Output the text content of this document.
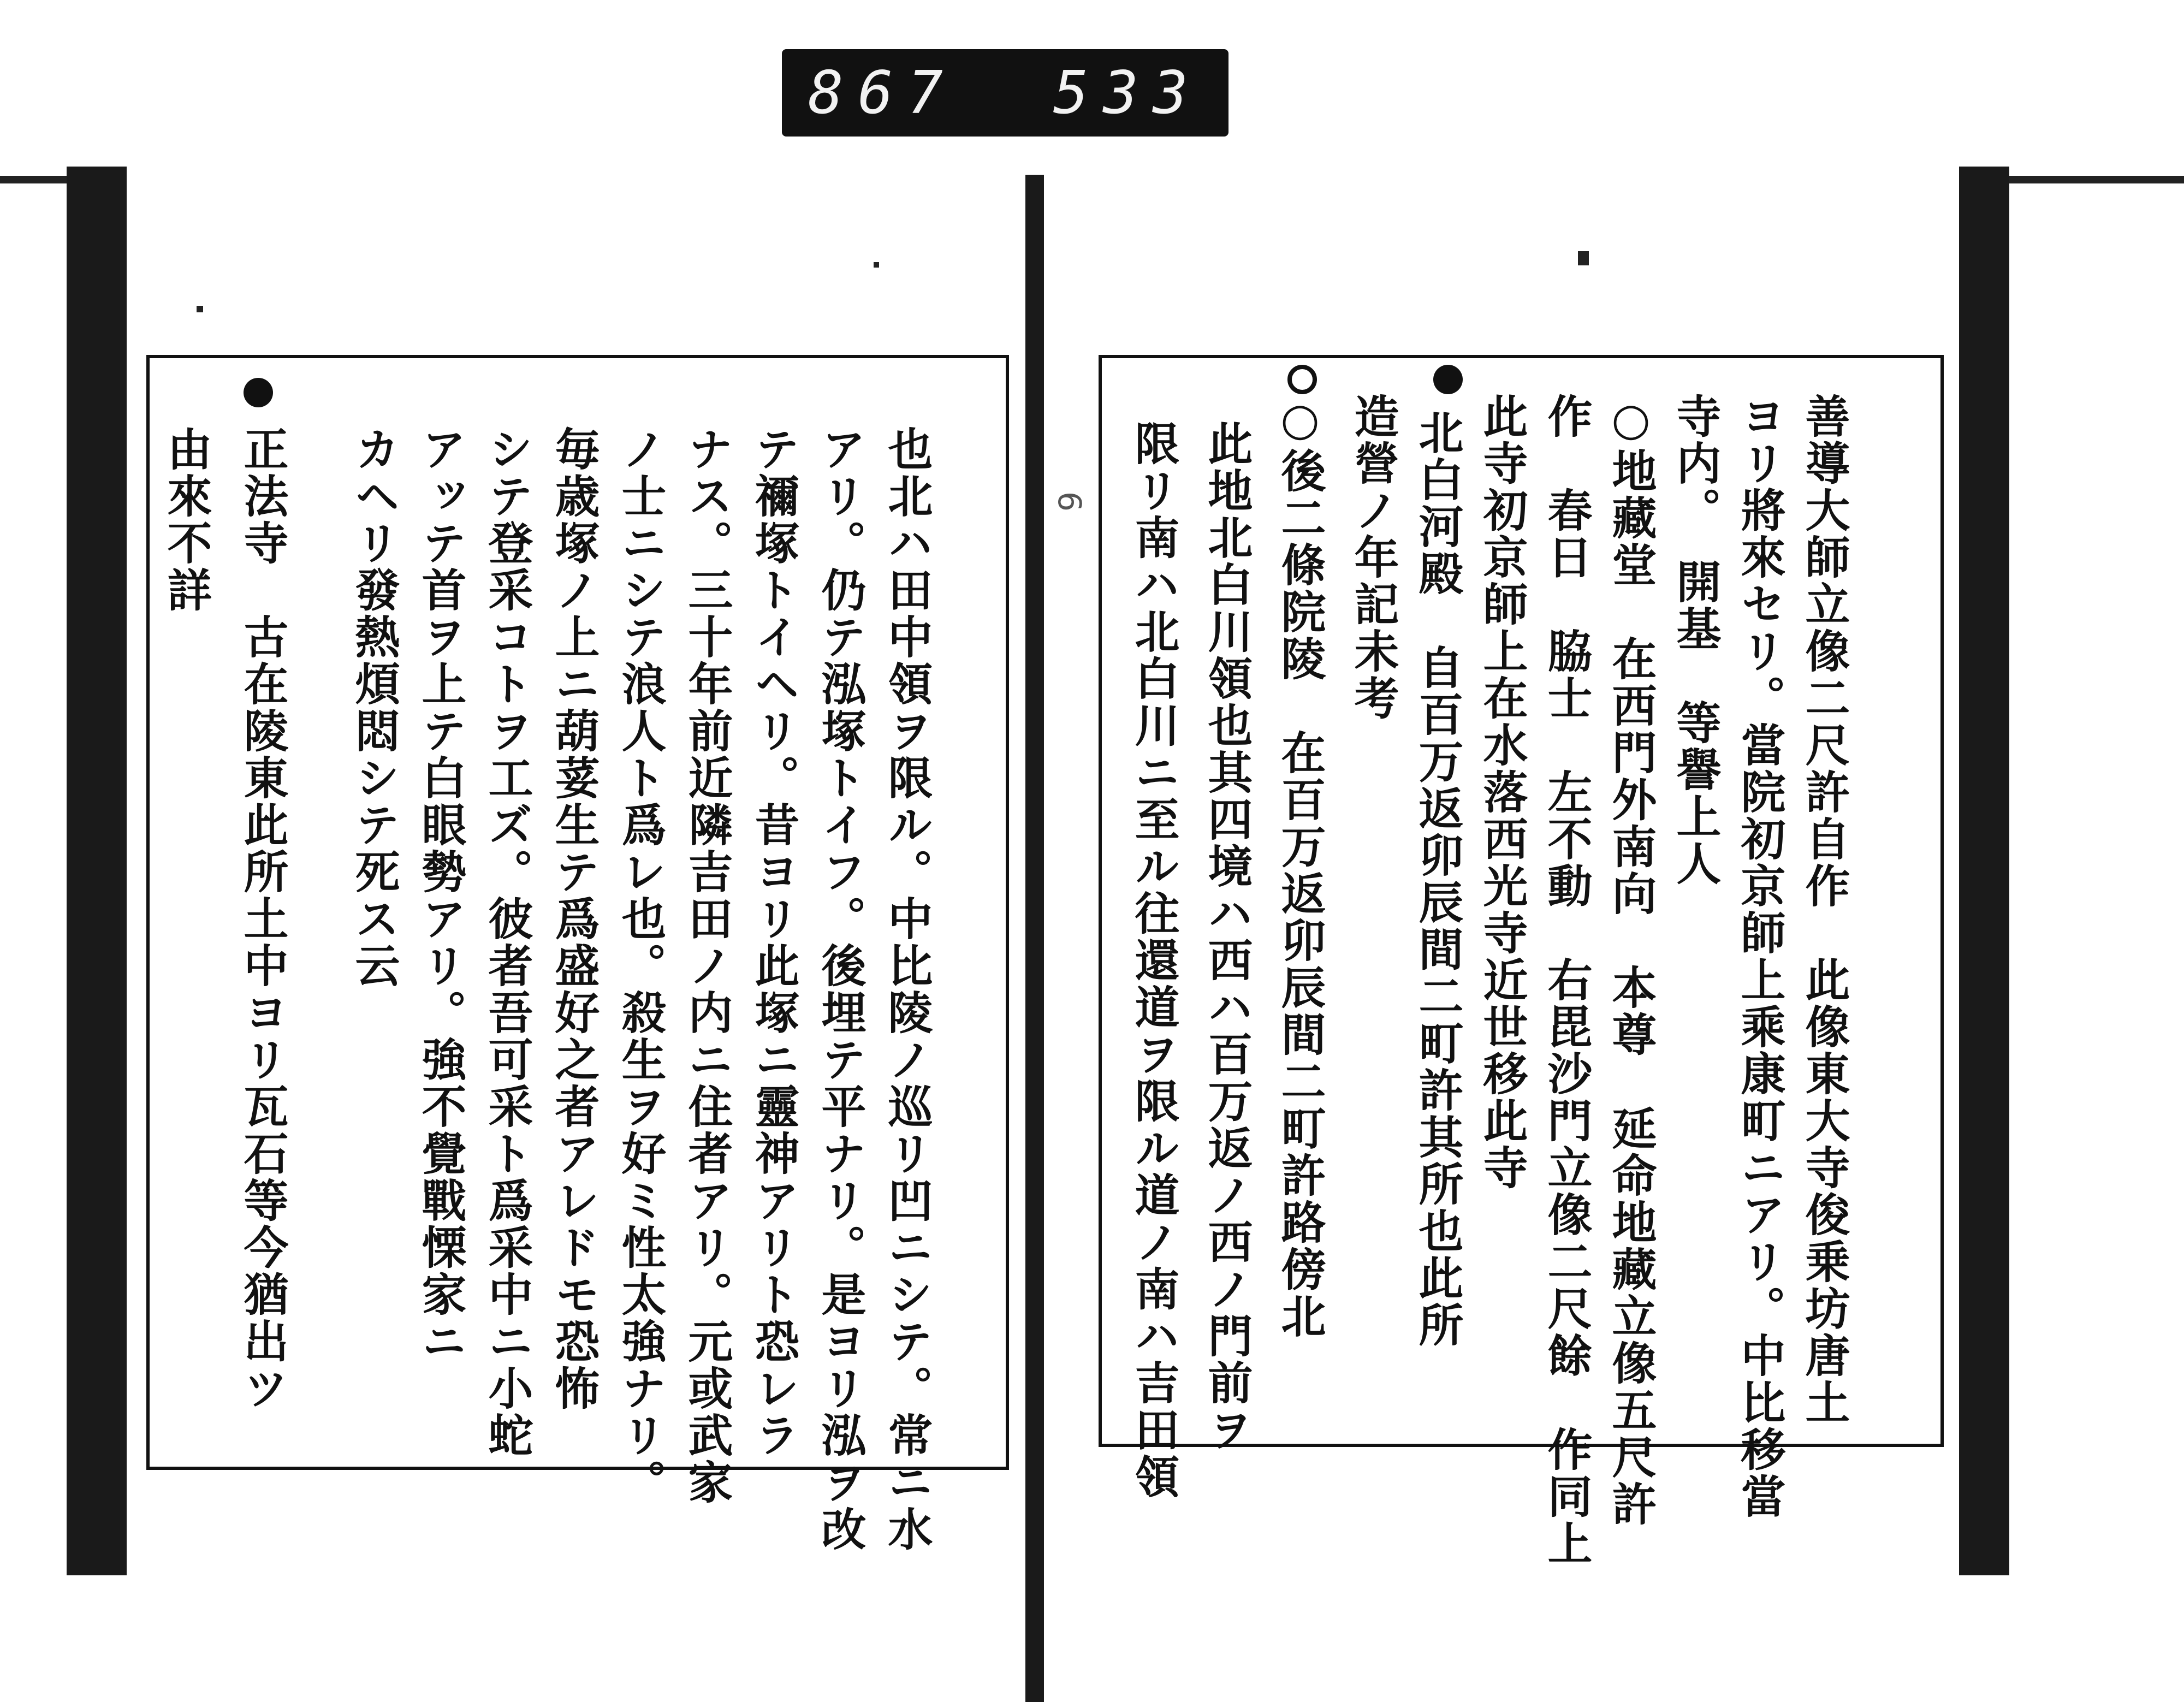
867 533
善導大師立像二尺許自作　此像東大寺俊乗坊唐土
ヨリ將來セリ。當院初京師上乘康町ニアリ。中比移當
寺内。　開基　等譽上人
○地藏堂　在西門外南向　本尊　延命地藏立像五尺許
作　春日　脇士　左不動　右毘沙門立像二尺餘　作同上
此寺初京師上在水落西光寺近世移此寺
北白河殿　自百万返卯辰間二町許其所也此所
造營ノ年記未考
○後二條院陵　在百万返卯辰間二町許路傍北
此地北白川領也其四境ハ西ハ百万返ノ西ノ門前ヲ
限リ南ハ北白川ニ至ル往還道ヲ限ル道ノ南ハ吉田領
也北ハ田中領ヲ限ル。中比陵ノ巡リ凹ニシテ。常ニ水
アリ。仍テ泓塚トイフ。後埋テ平ナリ。是ヨリ泓ヲ改
テ禰塚トイヘリ。昔ヨリ此塚ニ靈神アリト恐レラ
ナス。三十年前近隣吉田ノ内ニ住者アリ。元或武家
ノ士ニシテ浪人ト爲レ也。殺生ヲ好ミ性太強ナリ。
毎歳塚ノ上ニ葫荽生テ爲盛好之者アレドモ恐怖
シテ登采コトヲ工ズ。彼者吾可采ト爲采中ニ小蛇
アッテ首ヲ上テ白眼勢アリ。強不覺戰慄家ニ
カヘリ發熱煩悶シテ死ス云
正法寺　古在陵東此所土中ヨリ瓦石等今猶出ツ
由來不詳	6
